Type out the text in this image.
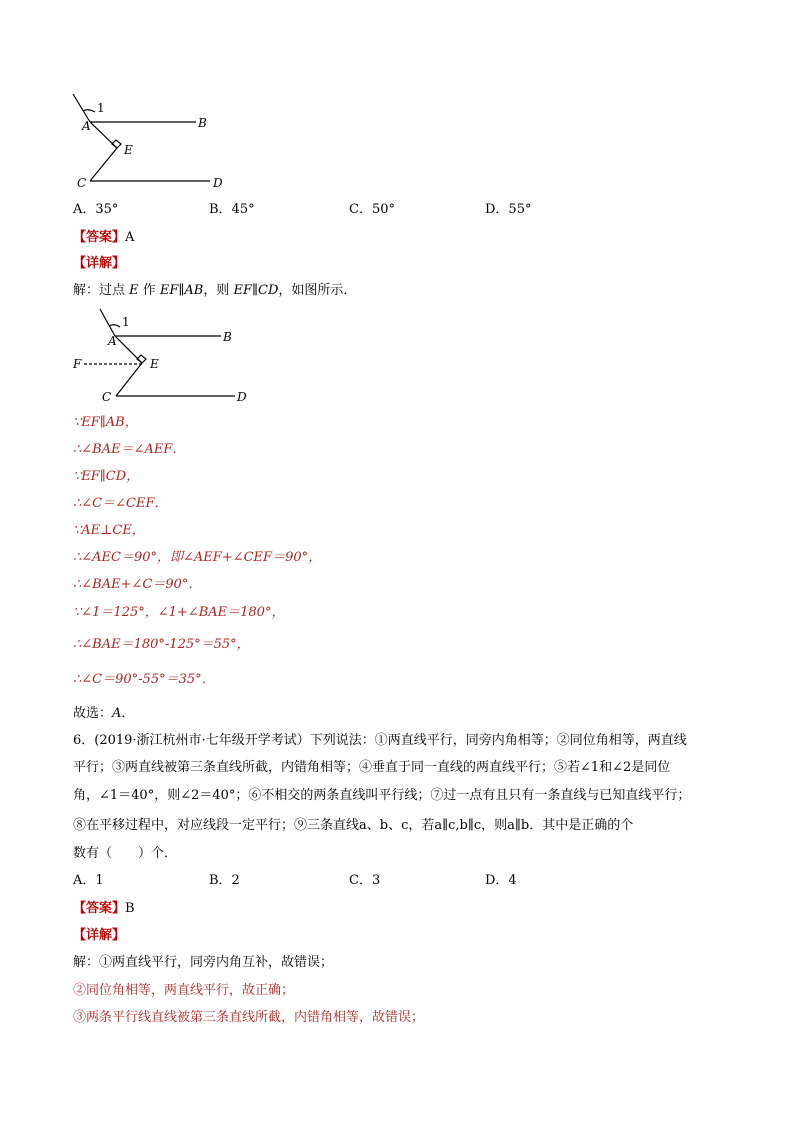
1
A	B
E
C	D
A．35°	B．45°	C．50°	D．55°
【答案】A
【详解】
解：过点 E 作 EF∥AB，则 EF∥CD，如图所示．
1
A	B
F	E
C	D
∵EF∥AB，
∴∠BAE＝∠AEF．
∵EF∥CD，
∴∠C＝∠CEF．
∵AE⊥CE，
∴∠AEC＝90°，即∠AEF+∠CEF＝90°，
∴∠BAE+∠C＝90°．
∵∠1＝125°，∠1+∠BAE＝180°，
∴∠BAE＝180°-125°＝55°，
∴∠C＝90°-55°＝35°．
故选：A．
6．(2019·浙江杭州市·七年级开学考试）下列说法：①两直线平行，同旁内角相等；②同位角相等，两直线
平行；③两直线被第三条直线所截，内错角相等；④垂直于同一直线的两直线平行；⑤若∠1和∠2是同位
角，∠1＝40°，则∠2＝40°；⑥不相交的两条直线叫平行线；⑦过一点有且只有一条直线与已知直线平行；
⑧在平移过程中，对应线段一定平行；⑨三条直线a、b、c，若a∥c,b∥c，则a∥b．其中是正确的个
数有（　　）个．
A．1	B．2	C．3	D．4
【答案】B
【详解】
解：①两直线平行，同旁内角互补，故错误；
②同位角相等，两直线平行，故正确；
③两条平行线直线被第三条直线所截，内错角相等，故错误；
